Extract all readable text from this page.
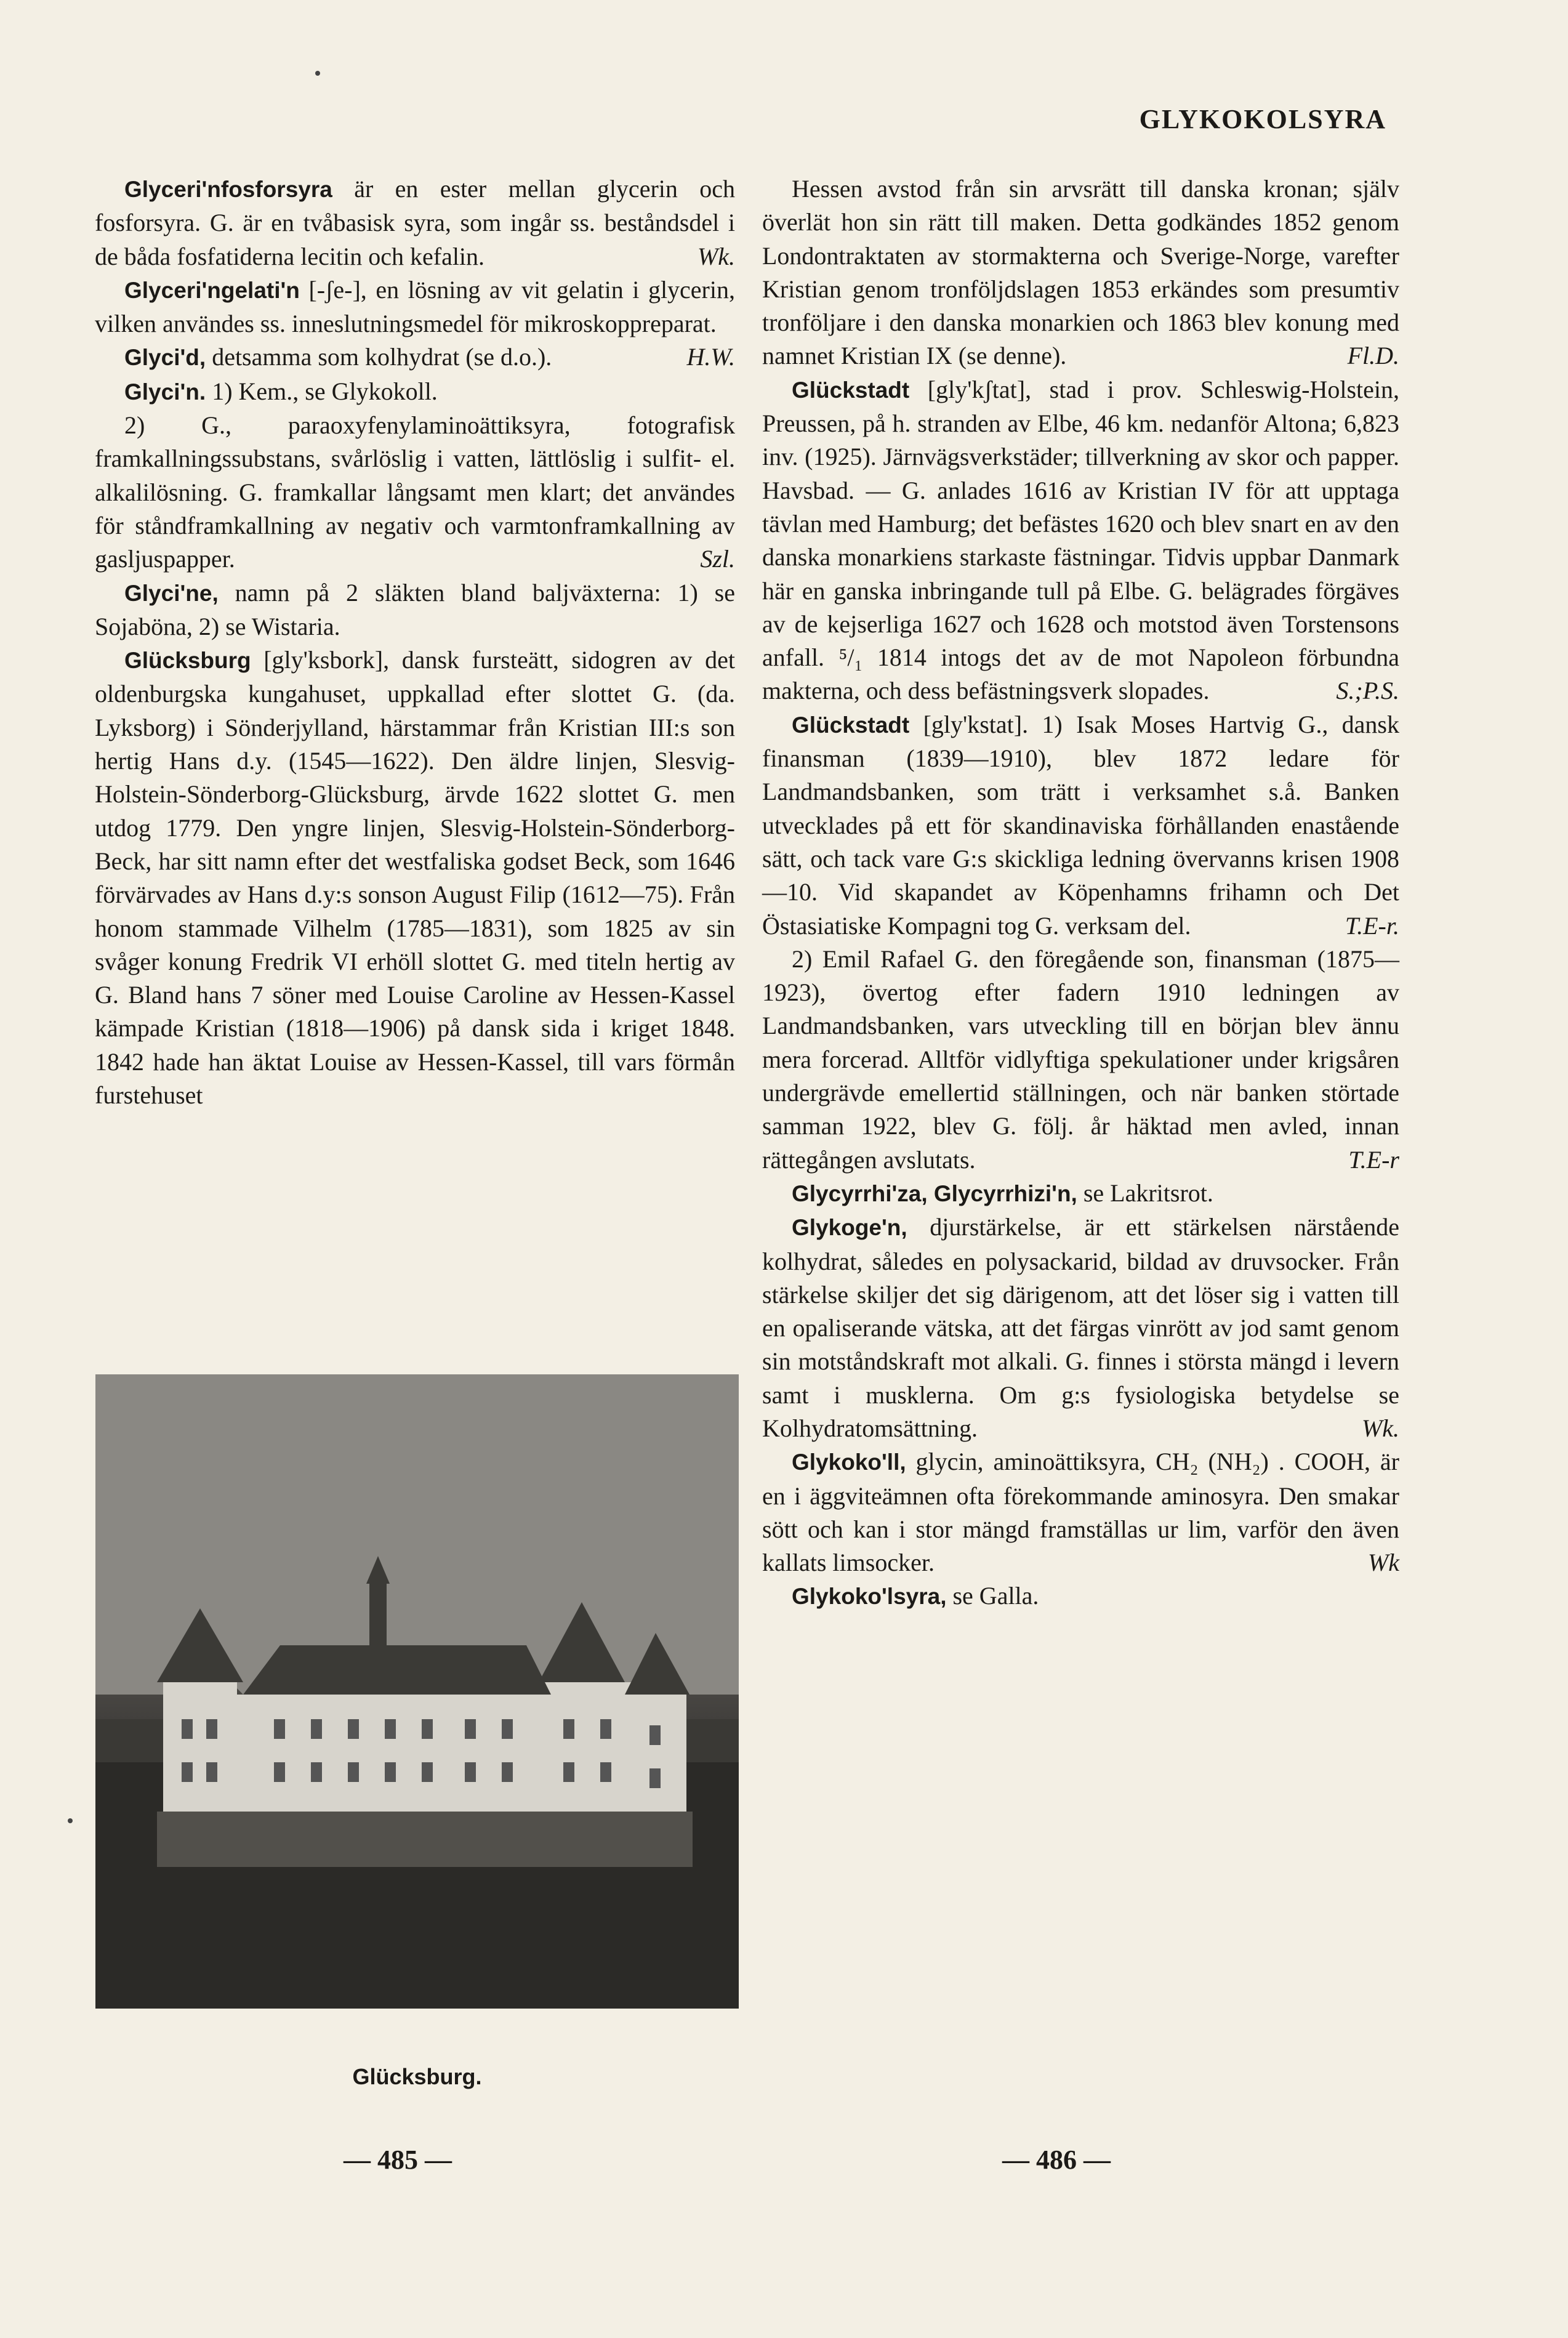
GLYKOKOLSYRA

Glyceri'nfosforsyra är en ester mellan glycerin och fosforsyra. G. är en tvåbasisk syra, som ingår ss. beståndsdel i de båda fosfatiderna lecitin och kefalin.	Wk.

Glyceri'ngelati'n [-ʃe-], en lösning av vit gelatin i glycerin, vilken användes ss. inneslutningsmedel för mikroskoppreparat.
H.W.

Glyci'd, detsamma som kolhydrat (se d.o.).

Glyci'n. 1) Kem., se Glykokoll.

2) G., paraoxyfenylaminoättiksyra, fotografisk framkallningssubstans, svårlöslig i vatten, lättlöslig i sulfit- el. alkalilösning. G. framkallar långsamt men klart; det användes för ståndframkallning av negativ och varmtonframkallning av gasljuspapper.	Szl.

Glyci'ne, namn på 2 släkten bland baljväxterna: 1) se Sojaböna, 2) se Wistaria.

Glücksburg [gly'ksbork], dansk fursteätt, sidogren av det oldenburgska kungahuset, uppkallad efter slottet G. (da. Lyksborg) i Sönderjylland, härstammar från Kristian III:s son hertig Hans d.y. (1545—1622). Den äldre linjen, Slesvig-Holstein-Sönderborg-Glücksburg, ärvde 1622 slottet G. men utdog 1779. Den yngre linjen, Slesvig-Holstein-Sönderborg-Beck, har sitt namn efter det westfaliska godset Beck, som 1646 förvärvades av Hans d.y:s sonson August Filip (1612—75). Från honom stammade Vilhelm (1785—1831), som 1825 av sin svåger konung Fredrik VI erhöll slottet G. med titeln hertig av G. Bland hans 7 söner med Louise Caroline av Hessen-Kassel kämpade Kristian (1818—1906) på dansk sida i kriget 1848. 1842 hade han äktat Louise av Hessen-Kassel, till vars förmån furstehuset

Hessen avstod från sin arvsrätt till danska kronan; själv överlät hon sin rätt till maken. Detta godkändes 1852 genom Londontraktaten av stormakterna och Sverige-Norge, varefter Kristian genom tronföljdslagen 1853 erkändes som presumtiv tronföljare i den danska monarkien och 1863 blev konung med namnet Kristian IX (se denne).	Fl.D.

Glückstadt [gly'kʃtat], stad i prov. Schleswig-Holstein, Preussen, på h. stranden av Elbe, 46 km. nedanför Altona; 6,823 inv. (1925). Järnvägsverkstäder; tillverkning av skor och papper. Havsbad. — G. anlades 1616 av Kristian IV för att upptaga tävlan med Hamburg; det befästes 1620 och blev snart en av den danska monarkiens starkaste fästningar. Tidvis uppbar Danmark här en ganska inbringande tull på Elbe. G. belägrades förgäves av de kejserliga 1627 och 1628 och motstod även Torstensons anfall. ⁵/₁ 1814 intogs det av de mot Napoleon förbundna makterna, och dess befästningsverk slopades.	S.;P.S.

Glückstadt [gly'kstat]. 1) Isak Moses Hartvig G., dansk finansman (1839—1910), blev 1872 ledare för Landmandsbanken, som trätt i verksamhet s.å. Banken utvecklades på ett för skandinaviska förhållanden enastående sätt, och tack vare G:s skickliga ledning övervanns krisen 1908—10. Vid skapandet av Köpenhamns frihamn och Det Östasiatiske Kompagni tog G. verksam del.	T.E-r.

2) Emil Rafael G. den föregående son, finansman (1875—1923), övertog efter fadern 1910 ledningen av Landmandsbanken, vars utveckling till en början blev ännu mera forcerad. Alltför vidlyftiga spekulationer under krigsåren undergrävde emellertid ställningen, och när banken störtade samman 1922, blev G. följ. år häktad men avled, innan rättegången avslutats.	T.E-r

Glycyrrhi'za, Glycyrrhizi'n, se Lakritsrot.

Glykoge'n, djurstärkelse, är ett stärkelsen närstående kolhydrat, således en polysackarid, bildad av druvsocker. Från stärkelse skiljer det sig därigenom, att det löser sig i vatten till en opaliserande vätska, att det färgas vinrött av jod samt genom sin motståndskraft mot alkali. G. finnes i största mängd i levern samt i musklerna. Om g:s fysiologiska betydelse se Kolhydratomsättning.	Wk.

Glykoko'll, glycin, aminoättiksyra, CH₂ (NH₂) . COOH, är en i äggviteämnen ofta förekommande aminosyra. Den smakar sött och kan i stor mängd framställas ur lim, varför den även kallats limsocker.	Wk

Glykoko'lsyra, se Galla.

Glücksburg.
— 485 —	— 486 —
